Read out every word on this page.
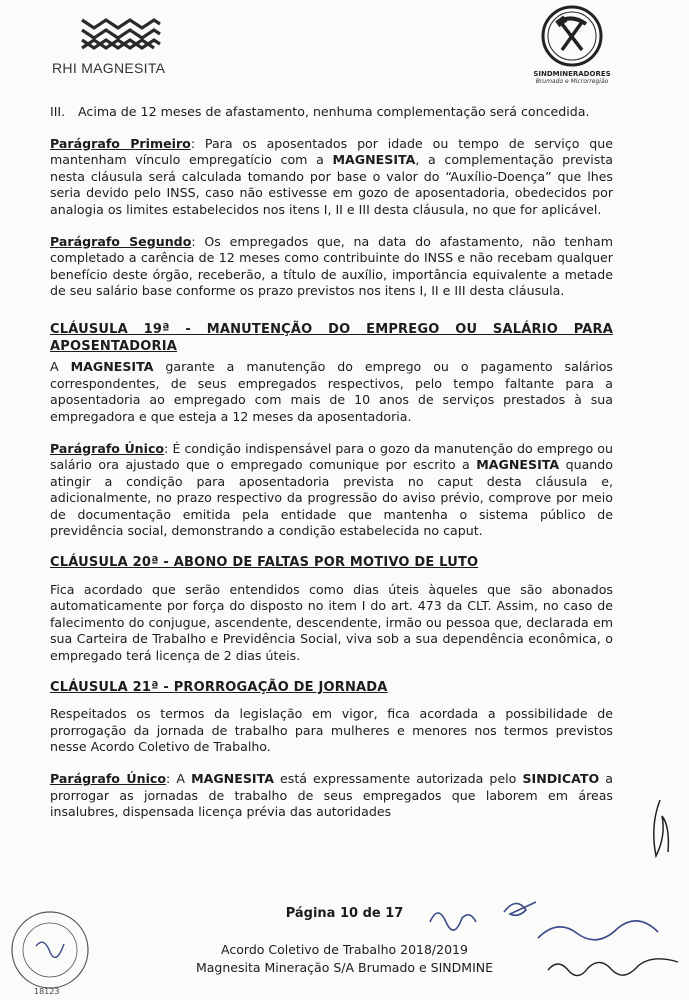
RHI MAGNESITA	SINDMINERADORES
Brumado e Microrregião
III.	Acima de 12 meses de afastamento, nenhuma complementação será concedida.

Parágrafo Primeiro: Para os aposentados por idade ou tempo de serviço que mantenham vínculo empregatício com a MAGNESITA, a complementação prevista nesta cláusula será calculada tomando por base o valor do “Auxílio-Doença” que lhes seria devido pelo INSS, caso não estivesse em gozo de aposentadoria, obedecidos por analogia os limites estabelecidos nos itens I, II e III desta cláusula, no que for aplicável.

Parágrafo Segundo: Os empregados que, na data do afastamento, não tenham completado a carência de 12 meses como contribuinte do INSS e não recebam qualquer benefício deste órgão, receberão, a título de auxílio, importância equivalente a metade de seu salário base conforme os prazo previstos nos itens I, II e III desta cláusula.

CLÁUSULA 19ª - MANUTENÇÃO DO EMPREGO OU SALÁRIO PARA APOSENTADORIA

A MAGNESITA garante a manutenção do emprego ou o pagamento salários correspondentes, de seus empregados respectivos, pelo tempo faltante para a aposentadoria ao empregado com mais de 10 anos de serviços prestados à sua empregadora e que esteja a 12 meses da aposentadoria.

Parágrafo Único: É condição indispensável para o gozo da manutenção do emprego ou salário ora ajustado que o empregado comunique por escrito a MAGNESITA quando atingir a condição para aposentadoria prevista no caput desta cláusula e, adicionalmente, no prazo respectivo da progressão do aviso prévio, comprove por meio de documentação emitida pela entidade que mantenha o sistema público de previdência social, demonstrando a condição estabelecida no caput.

CLÁUSULA 20ª - ABONO DE FALTAS POR MOTIVO DE LUTO

Fica acordado que serão entendidos como dias úteis àqueles que são abonados automaticamente por força do disposto no item I do art. 473 da CLT. Assim, no caso de falecimento do conjugue, ascendente, descendente, irmão ou pessoa que, declarada em sua Carteira de Trabalho e Previdência Social, viva sob a sua dependência econômica, o empregado terá licença de 2 dias úteis.

CLÁUSULA 21ª - PRORROGAÇÃO DE JORNADA

Respeitados os termos da legislação em vigor, fica acordada a possibilidade de prorrogação da jornada de trabalho para mulheres e menores nos termos previstos nesse Acordo Coletivo de Trabalho.

Parágrafo Único: A MAGNESITA está expressamente autorizada pelo SINDICATO a prorrogar as jornadas de trabalho de seus empregados que laborem em áreas insalubres, dispensada licença prévia das autoridades

Página 10 de 17
Acordo Coletivo de Trabalho 2018/2019
Magnesita Mineração S/A Brumado e SINDMINE
18123
